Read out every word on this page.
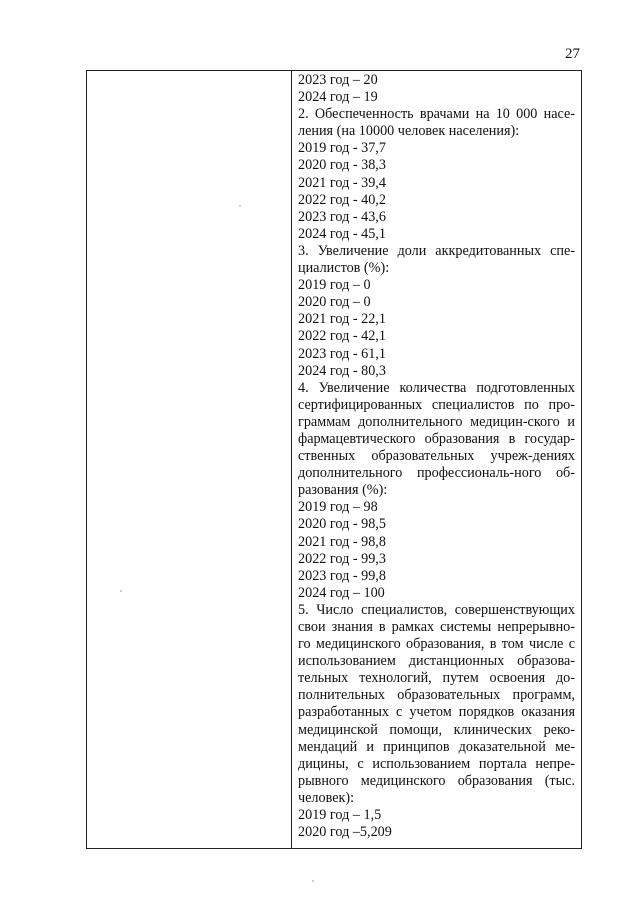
27
2023 год – 20
2024 год – 19
2. Обеспеченность врачами на 10 000 насе-
ления (на 10000 человек населения):
2019 год - 37,7
2020 год - 38,3
2021 год - 39,4
2022 год - 40,2
2023 год - 43,6
2024 год - 45,1
3. Увеличение доли аккредитованных спе-
циалистов (%):
2019 год – 0
2020 год – 0
2021 год - 22,1
2022 год - 42,1
2023 год - 61,1
2024 год - 80,3
4. Увеличение количества подготовленных
сертифицированных специалистов по про-
граммам дополнительного медицин-ского и
фармацевтического образования в государ-
ственных образовательных учреж-дениях
дополнительного профессиональ-ного об-
разования (%):
2019 год – 98
2020 год - 98,5
2021 год - 98,8
2022 год - 99,3
2023 год - 99,8
2024 год – 100
5. Число специалистов, совершенствующих
свои знания в рамках системы непрерывно-
го медицинского образования, в том числе с
использованием дистанционных образова-
тельных технологий, путем освоения до-
полнительных образовательных программ,
разработанных с учетом порядков оказания
медицинской помощи, клинических реко-
мендаций и принципов доказательной ме-
дицины, с использованием портала непре-
рывного медицинского образования (тыс.
человек):
2019 год – 1,5
2020 год –5,209
